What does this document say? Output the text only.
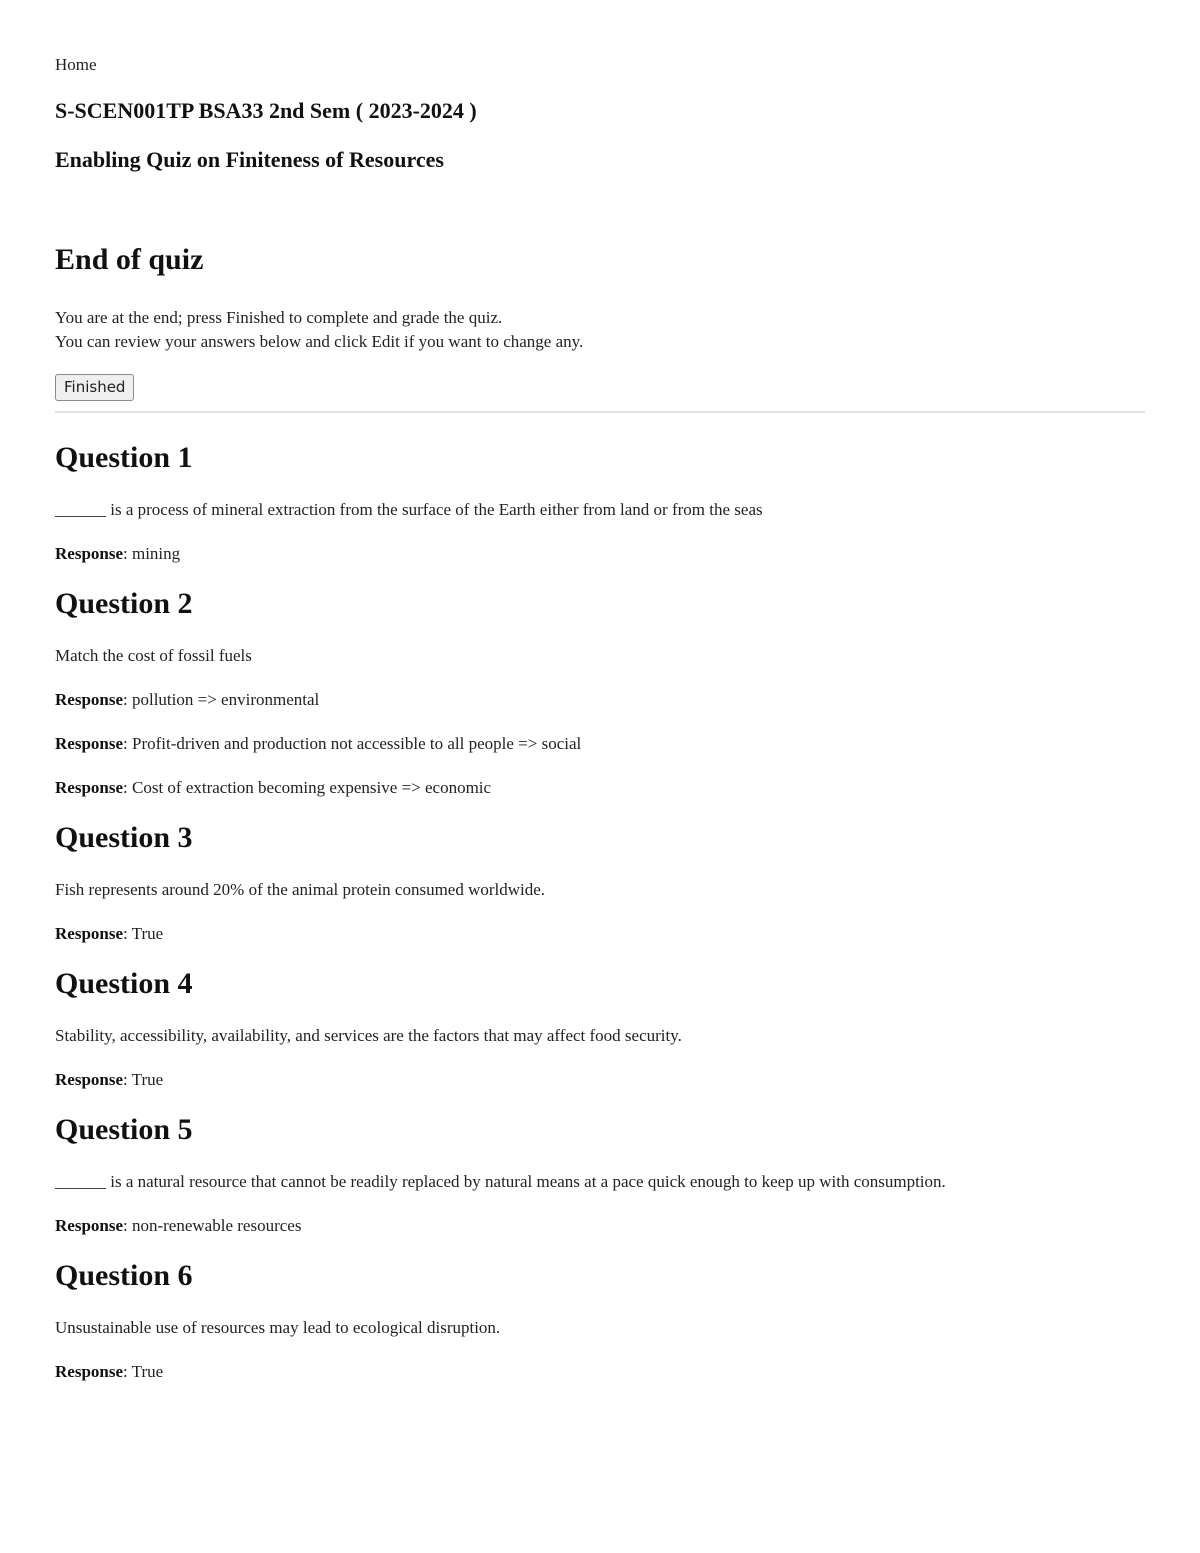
Home
S-SCEN001TP BSA33 2nd Sem ( 2023-2024 )
Enabling Quiz on Finiteness of Resources
End of quiz
You are at the end; press Finished to complete and grade the quiz.
You can review your answers below and click Edit if you want to change any.
Finished
Question 1

______ is a process of mineral extraction from the surface of the Earth either from land or from the seas

Response: mining

Question 2

Match the cost of fossil fuels

Response: pollution => environmental

Response: Profit-driven and production not accessible to all people => social

Response: Cost of extraction becoming expensive => economic

Question 3

Fish represents around 20% of the animal protein consumed worldwide.

Response: True

Question 4

Stability, accessibility, availability, and services are the factors that may affect food security.

Response: True

Question 5

______ is a natural resource that cannot be readily replaced by natural means at a pace quick enough to keep up with consumption.

Response: non-renewable resources

Question 6

Unsustainable use of resources may lead to ecological disruption.

Response: True
